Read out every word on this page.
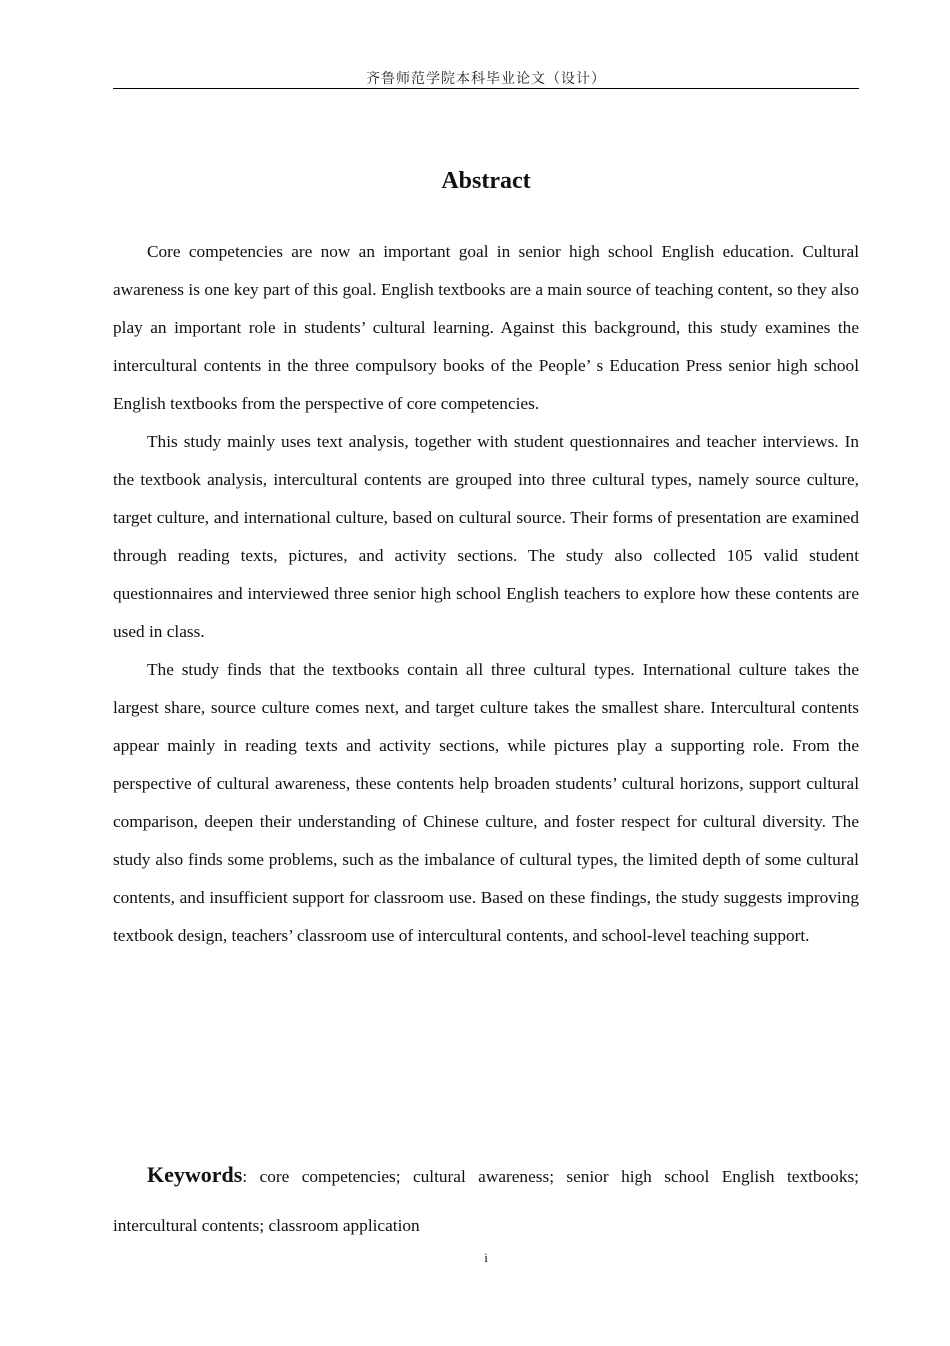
齐鲁师范学院本科毕业论文（设计）
Abstract

Core competencies are now an important goal in senior high school English education. Cultural awareness is one key part of this goal. English textbooks are a main source of teaching content, so they also play an important role in students’ cultural learning. Against this background, this study examines the intercultural contents in the three compulsory books of the People’ s Education Press senior high school English textbooks from the perspective of core competencies.

This study mainly uses text analysis, together with student questionnaires and teacher interviews. In the textbook analysis, intercultural contents are grouped into three cultural types, namely source culture, target culture, and international culture, based on cultural source. Their forms of presentation are examined through reading texts, pictures, and activity sections. The study also collected 105 valid student questionnaires and interviewed three senior high school English teachers to explore how these contents are used in class.

The study finds that the textbooks contain all three cultural types. International culture takes the largest share, source culture comes next, and target culture takes the smallest share. Intercultural contents appear mainly in reading texts and activity sections, while pictures play a supporting role. From the perspective of cultural awareness, these contents help broaden students’ cultural horizons, support cultural comparison, deepen their understanding of Chinese culture, and foster respect for cultural diversity. The study also finds some problems, such as the imbalance of cultural types, the limited depth of some cultural contents, and insufficient support for classroom use. Based on these findings, the study suggests improving textbook design, teachers’ classroom use of intercultural contents, and school-level teaching support.

Keywords: core competencies; cultural awareness; senior high school English textbooks; intercultural contents; classroom application
i
